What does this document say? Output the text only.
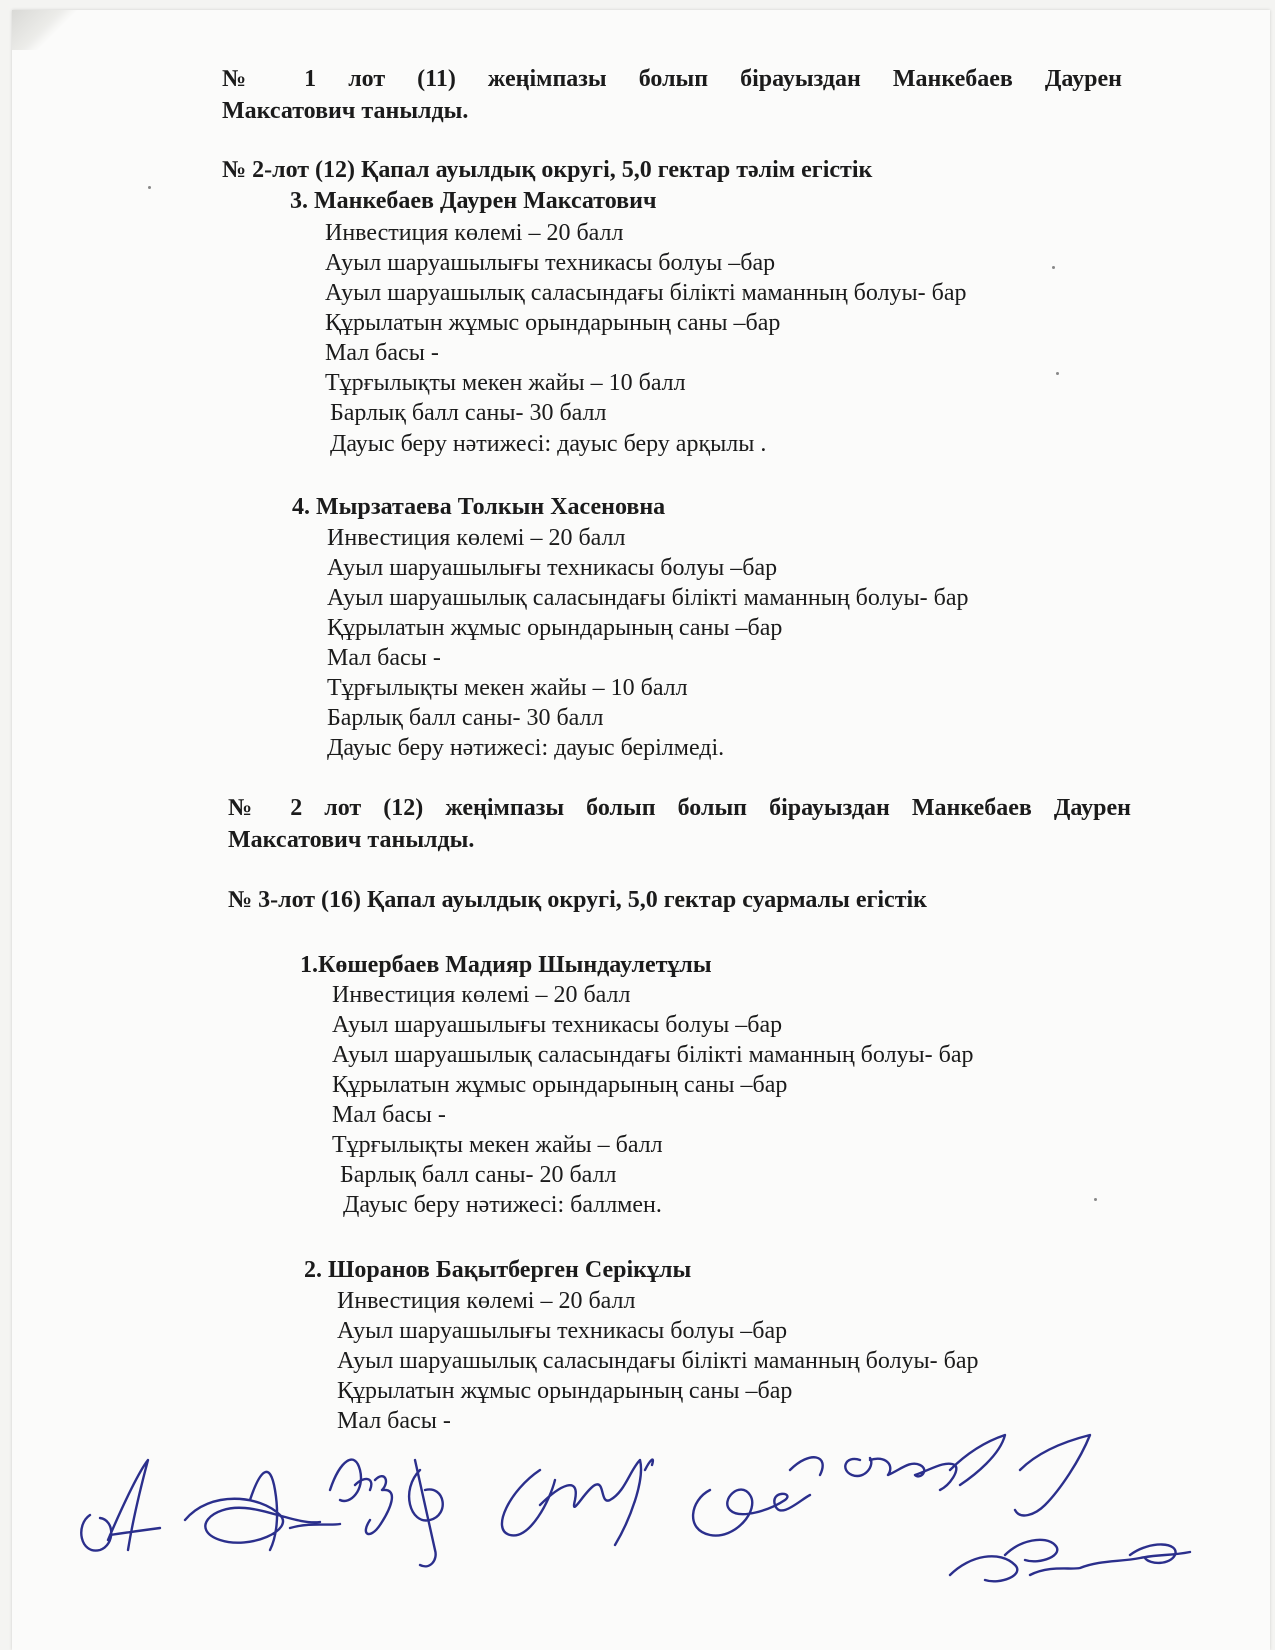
№ 1 лот (11) жеңімпазы болып бірауыздан Манкебаев Даурен
Максатович танылды.
№ 2-лот (12) Қапал ауылдық округі, 5,0 гектар тәлім егістік
3. Манкебаев Даурен Максатович
Инвестиция көлемі – 20 балл
Ауыл шаруашылығы техникасы болуы –бар
Ауыл шаруашылық саласындағы білікті маманның болуы- бар
Құрылатын жұмыс орындарының саны –бар
Мал басы -
Тұрғылықты мекен жайы – 10 балл
Барлық балл саны- 30 балл
Дауыс беру нәтижесі: дауыс беру арқылы .
4. Мырзатаева Толкын Хасеновна
Инвестиция көлемі – 20 балл
Ауыл шаруашылығы техникасы болуы –бар
Ауыл шаруашылық саласындағы білікті маманның болуы- бар
Құрылатын жұмыс орындарының саны –бар
Мал басы -
Тұрғылықты мекен жайы – 10 балл
Барлық балл саны- 30 балл
Дауыс беру нәтижесі: дауыс берілмеді.
№ 2 лот (12) жеңімпазы болып болып бірауыздан Манкебаев Даурен
Максатович танылды.
№ 3-лот (16) Қапал ауылдық округі, 5,0 гектар суармалы егістік
1.Көшербаев Мадияр Шындаулетұлы
Инвестиция көлемі – 20 балл
Ауыл шаруашылығы техникасы болуы –бар
Ауыл шаруашылық саласындағы білікті маманның болуы- бар
Құрылатын жұмыс орындарының саны –бар
Мал басы -
Тұрғылықты мекен жайы – балл
Барлық балл саны- 20 балл
Дауыс беру нәтижесі: баллмен.
2. Шоранов Бақытберген Серікұлы
Инвестиция көлемі – 20 балл
Ауыл шаруашылығы техникасы болуы –бар
Ауыл шаруашылық саласындағы білікті маманның болуы- бар
Құрылатын жұмыс орындарының саны –бар
Мал басы -
